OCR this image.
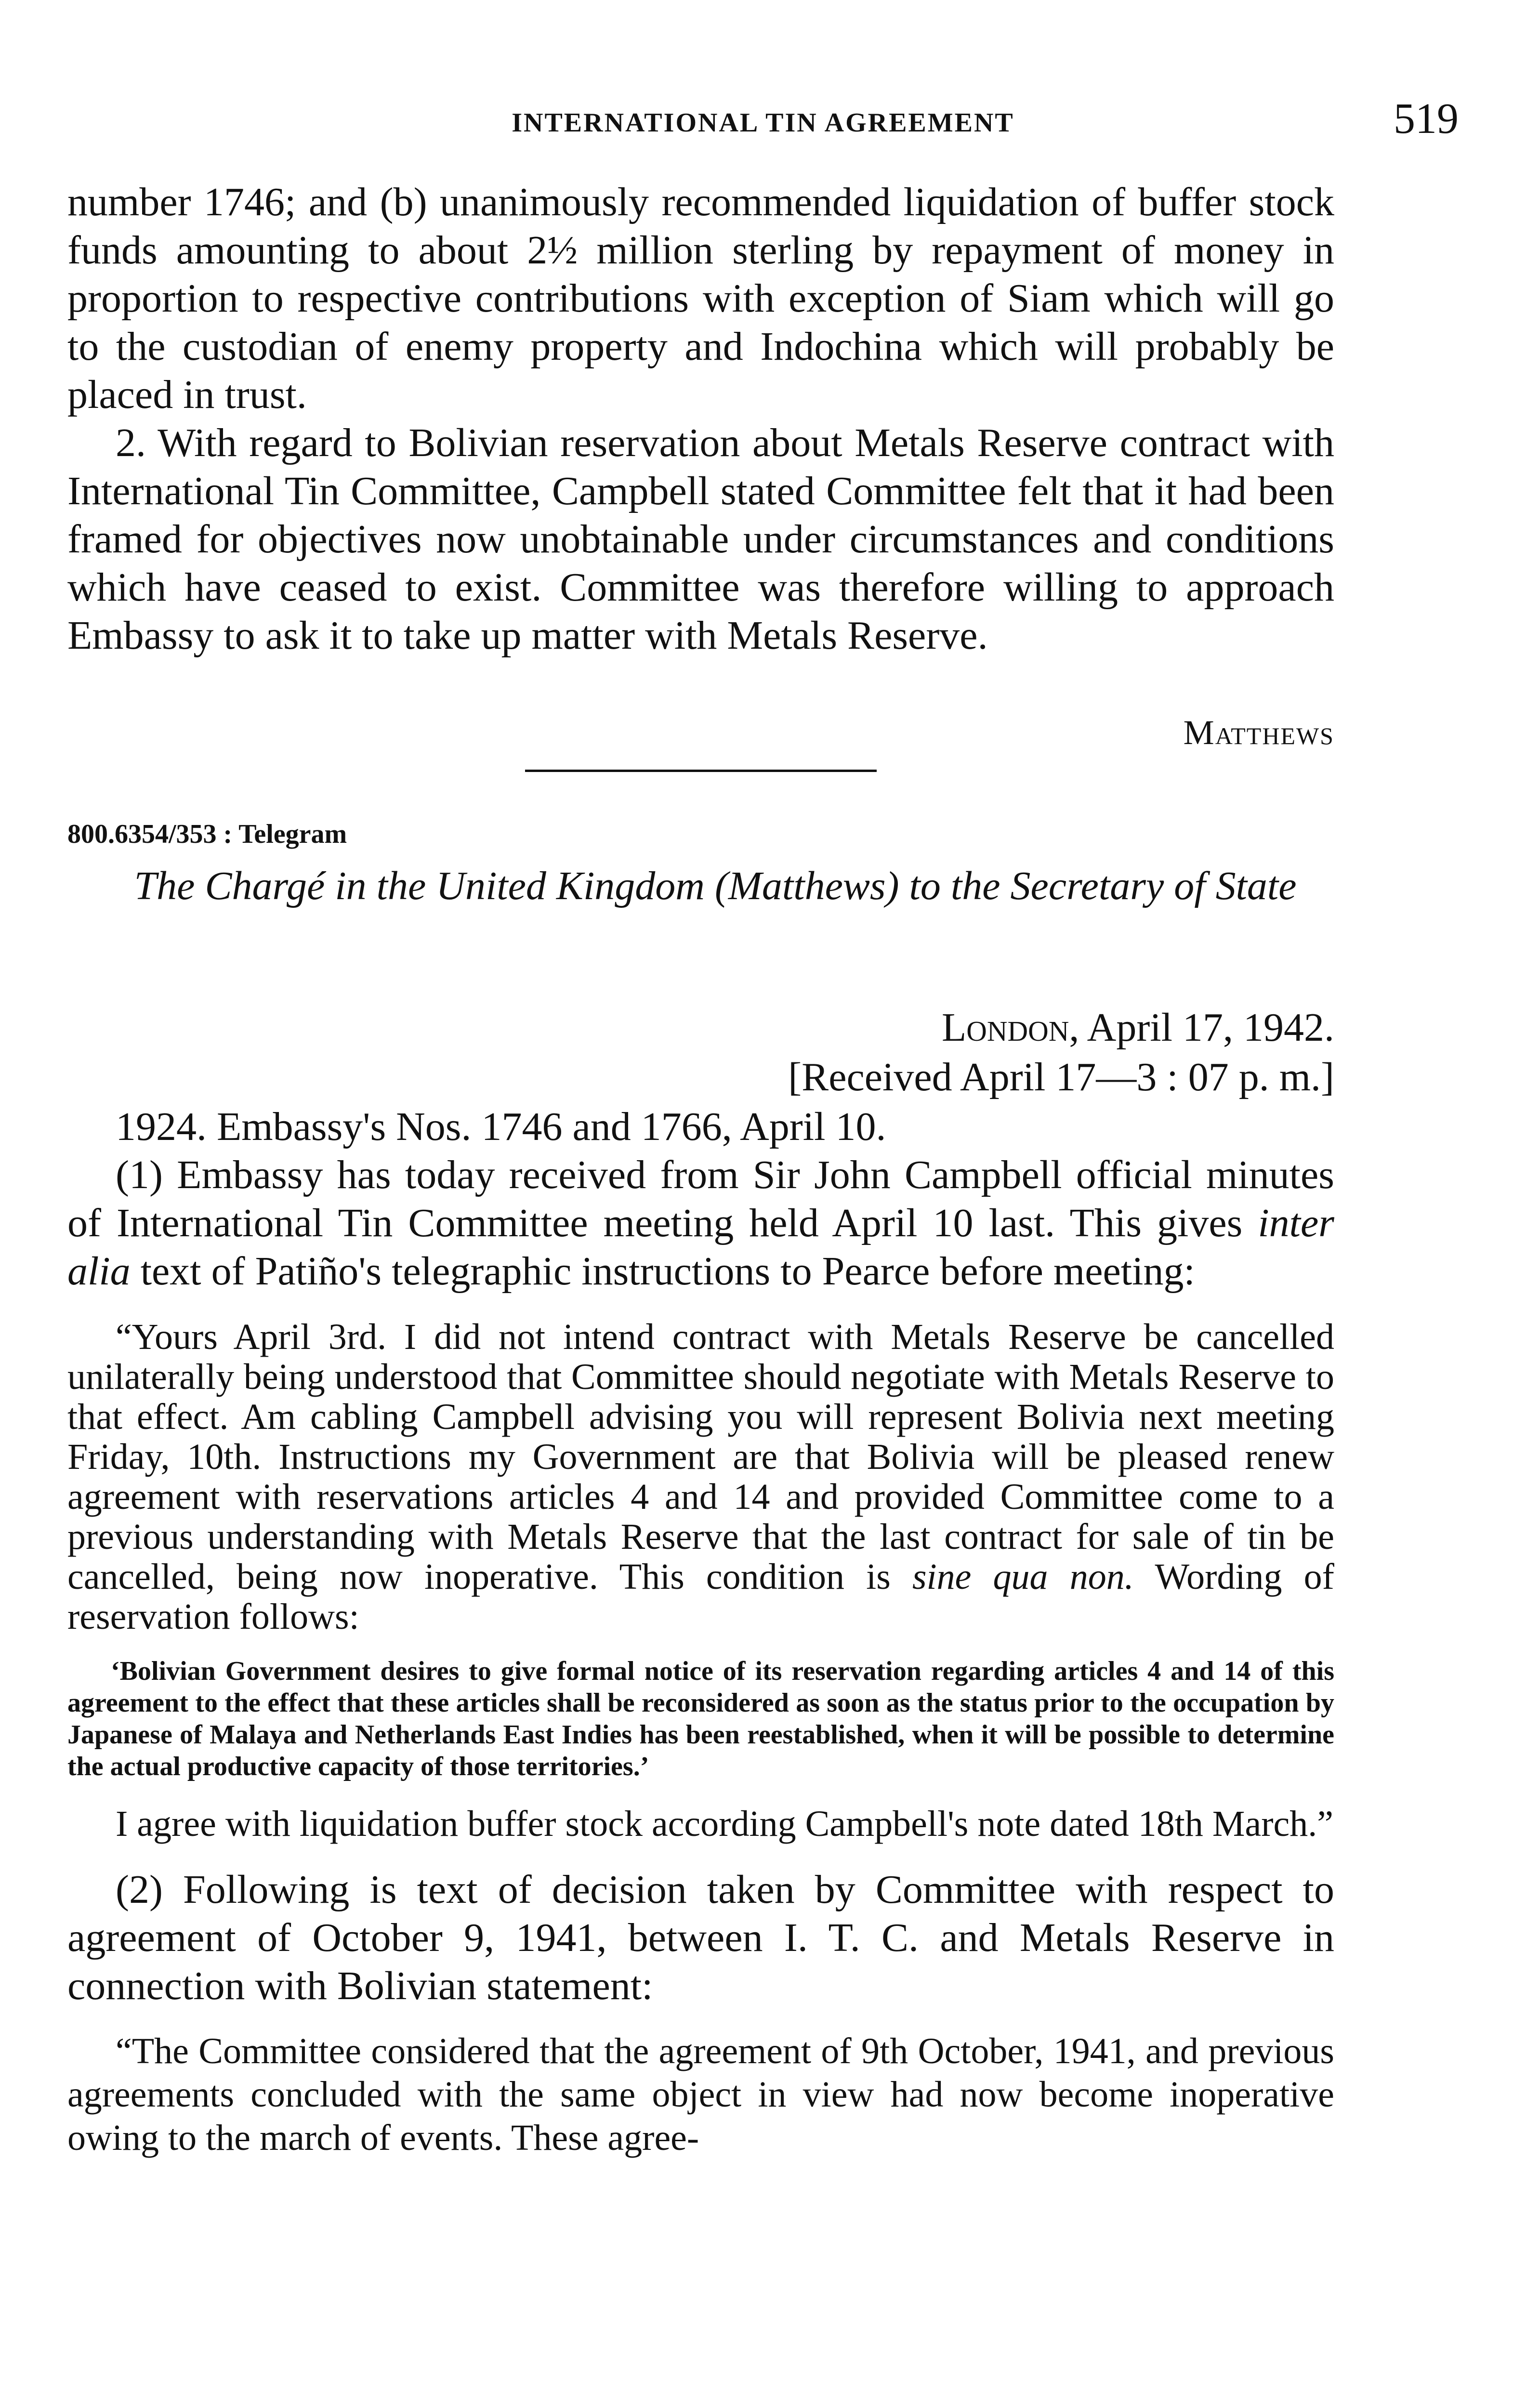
INTERNATIONAL TIN AGREEMENT	519

number 1746; and (b) unanimously recommended liquidation of buffer stock funds amounting to about 2½ million sterling by repayment of money in proportion to respective contributions with exception of Siam which will go to the custodian of enemy property and Indochina which will probably be placed in trust.

2. With regard to Bolivian reservation about Metals Reserve contract with International Tin Committee, Campbell stated Committee felt that it had been framed for objectives now unobtainable under circumstances and conditions which have ceased to exist. Committee was therefore willing to approach Embassy to ask it to take up matter with Metals Reserve.

Matthews
800.6354/353 : Telegram
The Chargé in the United Kingdom (Matthews) to the Secretary of State
London, April 17, 1942.
[Received April 17—3 : 07 p. m.]

1924. Embassy's Nos. 1746 and 1766, April 10.

(1) Embassy has today received from Sir John Campbell official minutes of International Tin Committee meeting held April 10 last. This gives inter alia text of Patiño's telegraphic instructions to Pearce before meeting:

“Yours April 3rd. I did not intend contract with Metals Reserve be cancelled unilaterally being understood that Committee should negotiate with Metals Reserve to that effect. Am cabling Campbell advising you will represent Bolivia next meeting Friday, 10th. Instructions my Government are that Bolivia will be pleased renew agreement with reservations articles 4 and 14 and provided Committee come to a previous understanding with Metals Reserve that the last contract for sale of tin be cancelled, being now inoperative. This condition is sine qua non. Wording of reservation follows:

‘Bolivian Government desires to give formal notice of its reservation regarding articles 4 and 14 of this agreement to the effect that these articles shall be reconsidered as soon as the status prior to the occupation by Japanese of Malaya and Netherlands East Indies has been reestablished, when it will be possible to determine the actual productive capacity of those territories.’

I agree with liquidation buffer stock according Campbell's note dated 18th March.”

(2) Following is text of decision taken by Committee with respect to agreement of October 9, 1941, between I. T. C. and Metals Reserve in connection with Bolivian statement:

“The Committee considered that the agreement of 9th October, 1941, and previous agreements concluded with the same object in view had now become inoperative owing to the march of events. These agree-
